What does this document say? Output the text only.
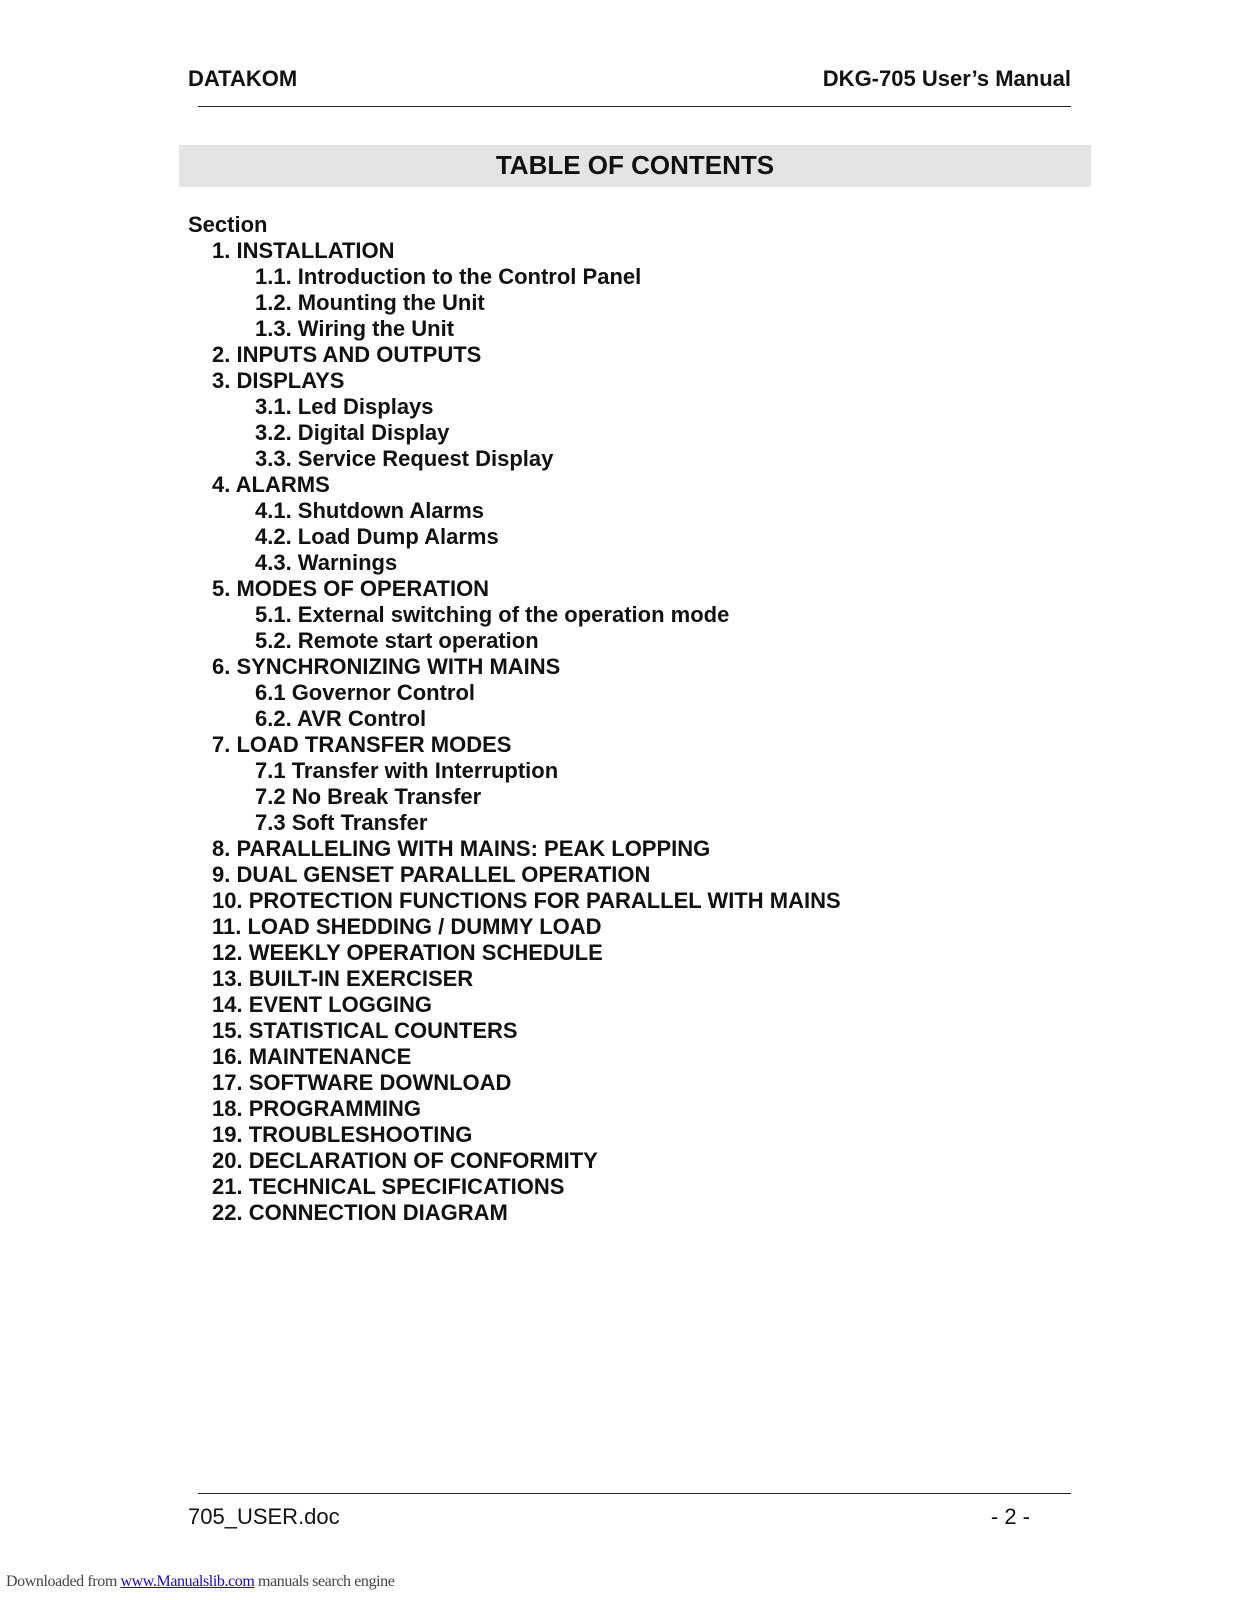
DATAKOM	DKG-705 User’s Manual
TABLE OF CONTENTS
Section
1. INSTALLATION
1.1. Introduction to the Control Panel
1.2. Mounting the Unit
1.3. Wiring the Unit
2. INPUTS AND OUTPUTS
3. DISPLAYS
3.1. Led Displays
3.2. Digital Display
3.3. Service Request Display
4. ALARMS
4.1. Shutdown Alarms
4.2. Load Dump Alarms
4.3. Warnings
5. MODES OF OPERATION
5.1. External switching of the operation mode
5.2. Remote start operation
6. SYNCHRONIZING WITH MAINS
6.1 Governor Control
6.2. AVR Control
7. LOAD TRANSFER MODES
7.1 Transfer with Interruption
7.2 No Break Transfer
7.3 Soft Transfer
8. PARALLELING WITH MAINS: PEAK LOPPING
9. DUAL GENSET PARALLEL OPERATION
10. PROTECTION FUNCTIONS FOR PARALLEL WITH MAINS
11. LOAD SHEDDING / DUMMY LOAD
12. WEEKLY OPERATION SCHEDULE
13. BUILT-IN EXERCISER
14. EVENT LOGGING
15. STATISTICAL COUNTERS
16. MAINTENANCE
17. SOFTWARE DOWNLOAD
18. PROGRAMMING
19. TROUBLESHOOTING
20. DECLARATION OF CONFORMITY
21. TECHNICAL SPECIFICATIONS
22. CONNECTION DIAGRAM
705_USER.doc	- 2 -
Downloaded from www.Manualslib.com manuals search engine
